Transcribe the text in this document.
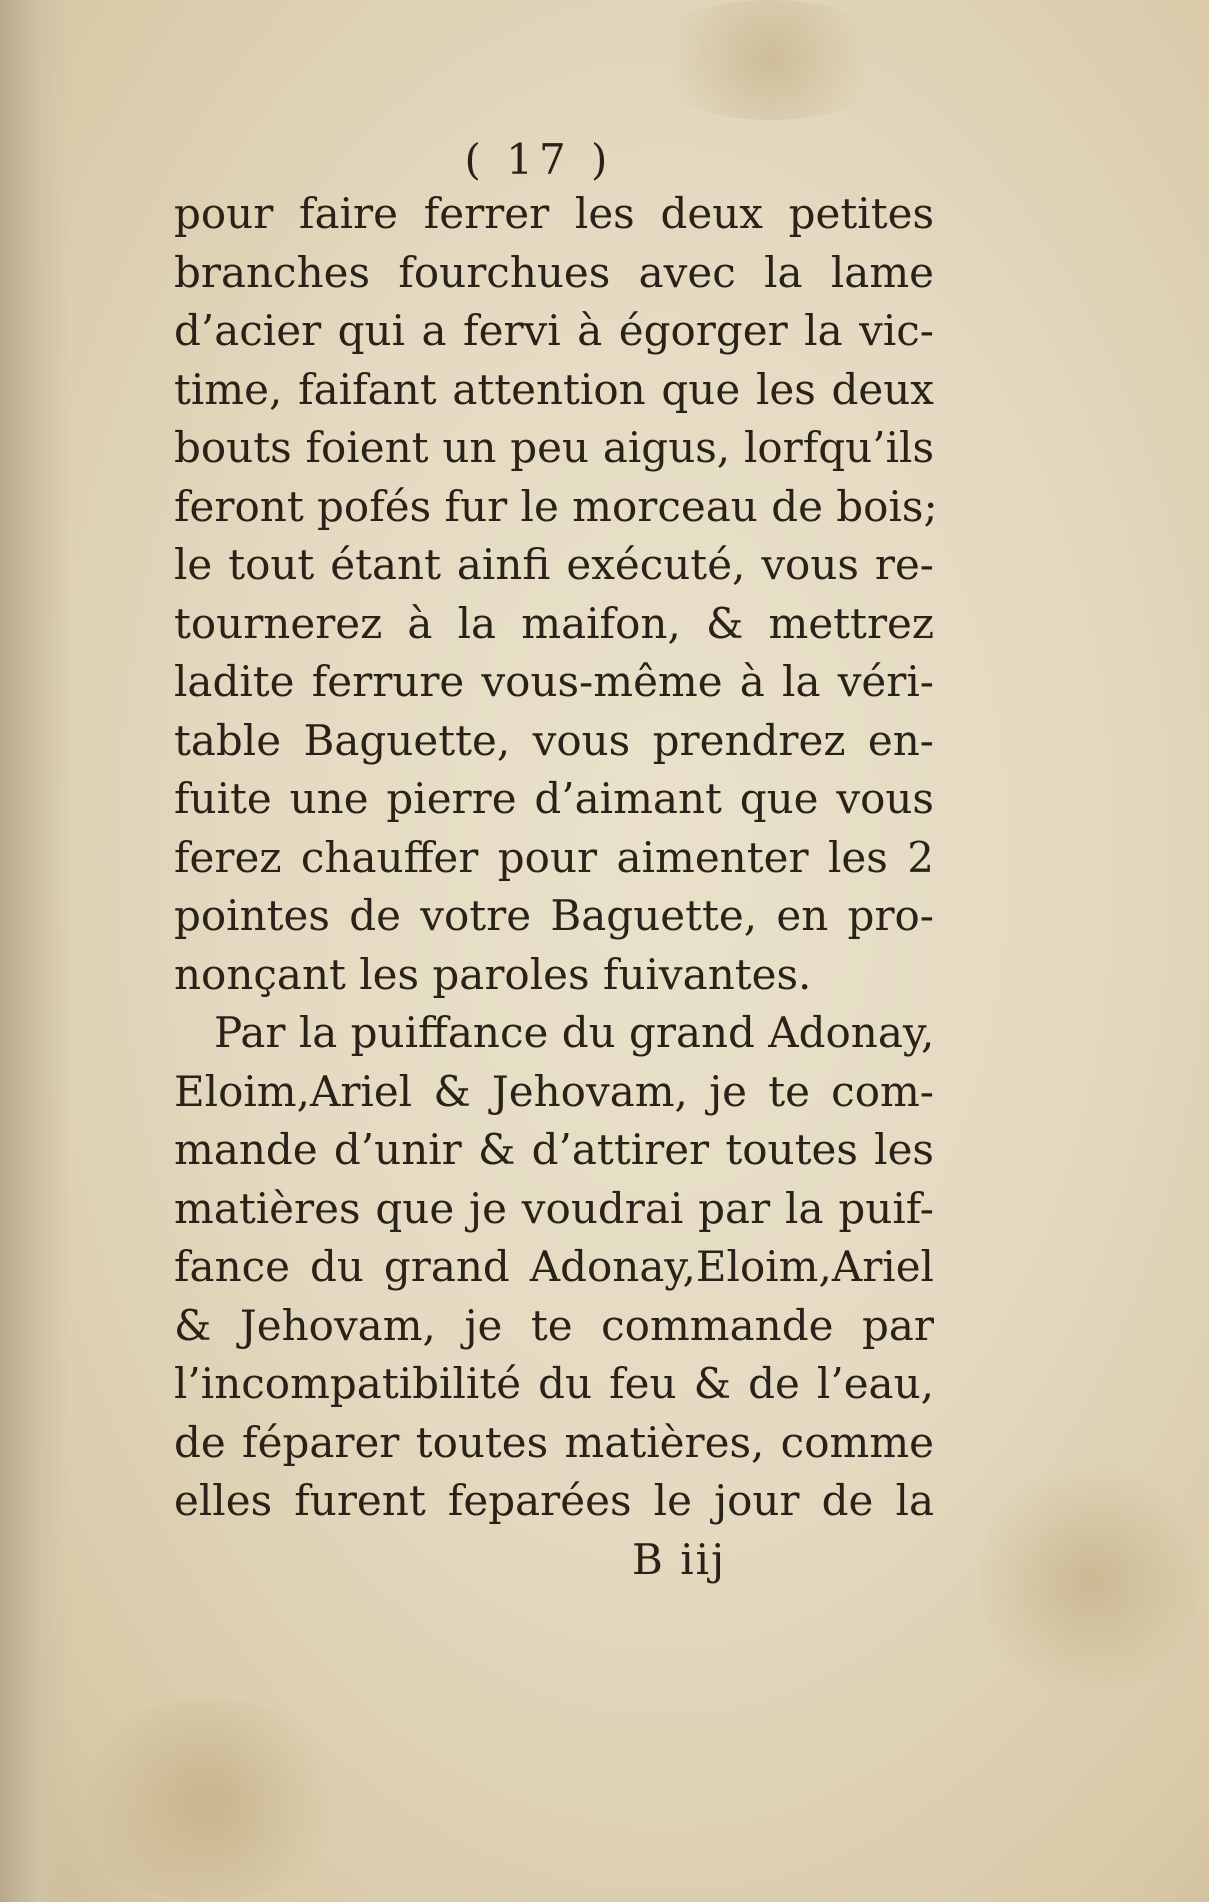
( 17 )
pour faire ferrer les deux petites
branches fourchues avec la lame
d’acier qui a fervi à égorger la vic-
time, faifant attention que les deux
bouts foient un peu aigus, lorfqu’ils
feront pofés fur le morceau de bois;
le tout étant ainfi exécuté, vous re-
tournerez à la maifon, & mettrez
ladite ferrure vous-même à la véri-
table Baguette, vous prendrez en-
fuite une pierre d’aimant que vous
ferez chauffer pour aimenter les 2
pointes de votre Baguette, en pro-
nonçant les paroles fuivantes.
Par la puiffance du grand Adonay,
Eloim,Ariel & Jehovam, je te com-
mande d’unir & d’attirer toutes les
matières que je voudrai par la puif-
fance du grand Adonay,Eloim,Ariel
& Jehovam, je te commande par
l’incompatibilité du feu & de l’eau,
de féparer toutes matières, comme
elles furent feparées le jour de la
B iij
